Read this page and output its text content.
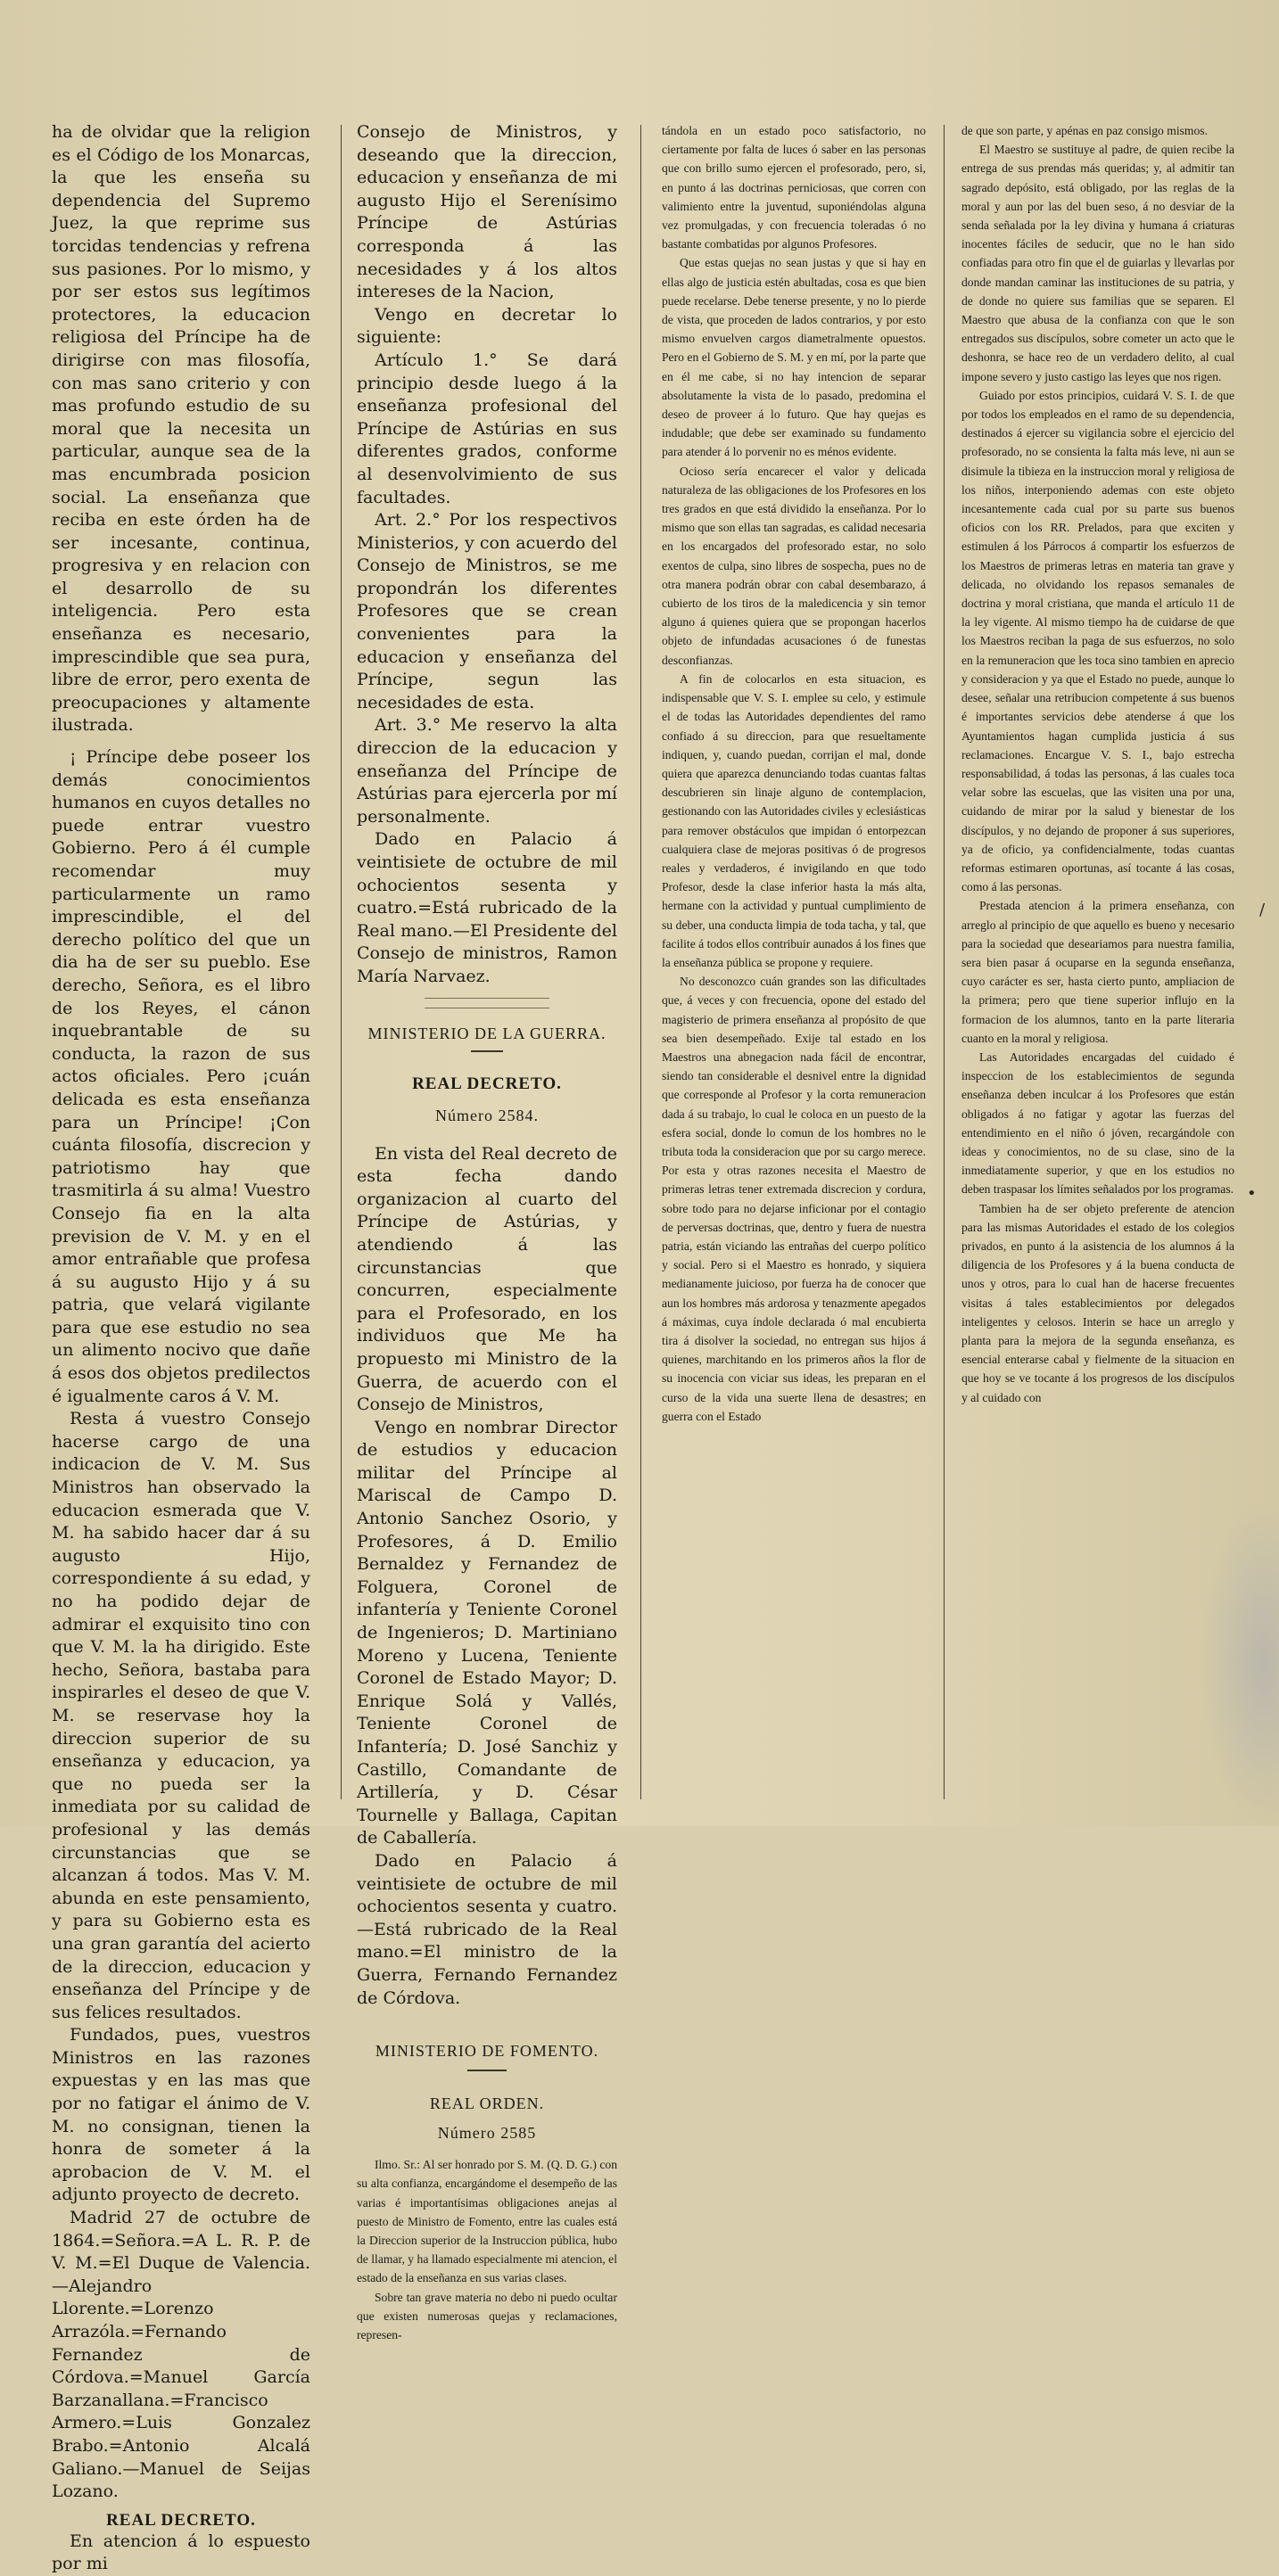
ha de olvidar que la religion es el Código de los Monarcas, la que les enseña su dependencia del Supremo Juez, la que reprime sus torcidas tendencias y refrena sus pasiones. Por lo mismo, y por ser estos sus legítimos protectores, la educacion religiosa del Príncipe ha de dirigirse con mas filosofía, con mas sano criterio y con mas profundo estudio de su moral que la necesita un particular, aunque sea de la mas encumbrada posicion social. La enseñanza que reciba en este órden ha de ser incesante, continua, progresiva y en relacion con el desarrollo de su inteligencia. Pero esta enseñanza es necesario, imprescindible que sea pura, libre de error, pero exenta de preocupaciones y altamente ilustrada.

¡ Príncipe debe poseer los demás conocimientos humanos en cuyos detalles no puede entrar vuestro Gobierno. Pero á él cumple recomendar muy particularmente un ramo imprescindible, el del derecho político del que un dia ha de ser su pueblo. Ese derecho, Señora, es el libro de los Reyes, el cánon inquebrantable de su conducta, la razon de sus actos oficiales. Pero ¡cuán delicada es esta enseñanza para un Príncipe! ¡Con cuánta filosofía, discrecion y patriotismo hay que trasmitirla á su alma! Vuestro Consejo fia en la alta prevision de V. M. y en el amor entrañable que profesa á su augusto Hijo y á su patria, que velará vigilante para que ese estudio no sea un alimento nocivo que dañe á esos dos objetos predilectos é igualmente caros á V. M.

Resta á vuestro Consejo hacerse cargo de una indicacion de V. M. Sus Ministros han observado la educacion esmerada que V. M. ha sabido hacer dar á su augusto Hijo, correspondiente á su edad, y no ha podido dejar de admirar el exquisito tino con que V. M. la ha dirigido. Este hecho, Señora, bastaba para inspirarles el deseo de que V. M. se reservase hoy la direccion superior de su enseñanza y educacion, ya que no pueda ser la inmediata por su calidad de profesional y las demás circunstancias que se alcanzan á todos. Mas V. M. abunda en este pensamiento, y para su Gobierno esta es una gran garantía del acierto de la direccion, educacion y enseñanza del Príncipe y de sus felices resultados.

Fundados, pues, vuestros Ministros en las razones expuestas y en las mas que por no fatigar el ánimo de V. M. no consignan, tienen la honra de someter á la aprobacion de V. M. el adjunto proyecto de decreto.

Madrid 27 de octubre de 1864.=Señora.=A L. R. P. de V. M.=El Duque de Valencia.—Alejandro Llorente.=Lorenzo Arrazóla.=Fernando Fernandez de Córdova.=Manuel García Barzanallana.=Francisco Armero.=Luis Gonzalez Brabo.=Antonio Alcalá Galiano.—Manuel de Seijas Lozano.

REAL DECRETO.

En atencion á lo espuesto por mi

Consejo de Ministros, y deseando que la direccion, educacion y enseñanza de mi augusto Hijo el Serenísimo Príncipe de Astúrias corresponda á las necesidades y á los altos intereses de la Nacion,

Vengo en decretar lo siguiente:

Artículo 1.° Se dará principio desde luego á la enseñanza profesional del Príncipe de Astúrias en sus diferentes grados, conforme al desenvolvimiento de sus facultades.

Art. 2.° Por los respectivos Ministerios, y con acuerdo del Consejo de Ministros, se me propondrán los diferentes Profesores que se crean convenientes para la educacion y enseñanza del Príncipe, segun las necesidades de esta.

Art. 3.° Me reservo la alta direccion de la educacion y enseñanza del Príncipe de Astúrias para ejercerla por mí personalmente.

Dado en Palacio á veintisiete de octubre de mil ochocientos sesenta y cuatro.=Está rubricado de la Real mano.—El Presidente del Consejo de ministros, Ramon María Narvaez.

MINISTERIO DE LA GUERRA.

REAL DECRETO.

Número 2584.

En vista del Real decreto de esta fecha dando organizacion al cuarto del Príncipe de Astúrias, y atendiendo á las circunstancias que concurren, especialmente para el Profesorado, en los individuos que Me ha propuesto mi Ministro de la Guerra, de acuerdo con el Consejo de Ministros,

Vengo en nombrar Director de estudios y educacion militar del Príncipe al Mariscal de Campo D. Antonio Sanchez Osorio, y Profesores, á D. Emilio Bernaldez y Fernandez de Folguera, Coronel de infantería y Teniente Coronel de Ingenieros; D. Martiniano Moreno y Lucena, Teniente Coronel de Estado Mayor; D. Enrique Solá y Vallés, Teniente Coronel de Infantería; D. José Sanchiz y Castillo, Comandante de Artillería, y D. César Tournelle y Ballaga, Capitan de Caballería.

Dado en Palacio á veintisiete de octubre de mil ochocientos sesenta y cuatro.—Está rubricado de la Real mano.=El ministro de la Guerra, Fernando Fernandez de Córdova.

MINISTERIO DE FOMENTO.

REAL ORDEN.

Número 2585

Ilmo. Sr.: Al ser honrado por S. M. (Q. D. G.) con su alta confianza, encargándome el desempeño de las varias é importantísimas obligaciones anejas al puesto de Ministro de Fomento, entre las cuales está la Direccion superior de la Instruccion pública, hubo de llamar, y ha llamado especialmente mi atencion, el estado de la enseñanza en sus varias clases.

Sobre tan grave materia no debo ni puedo ocultar que existen numerosas quejas y reclamaciones, represen-

tándola en un estado poco satisfactorio, no ciertamente por falta de luces ó saber en las personas que con brillo sumo ejercen el profesorado, pero, si, en punto á las doctrinas perniciosas, que corren con valimiento entre la juventud, suponiéndolas alguna vez promulgadas, y con frecuencia toleradas ó no bastante combatidas por algunos Profesores.

Que estas quejas no sean justas y que si hay en ellas algo de justicia estén abultadas, cosa es que bien puede recelarse. Debe tenerse presente, y no lo pierde de vista, que proceden de lados contrarios, y por esto mismo envuelven cargos diametralmente opuestos. Pero en el Gobierno de S. M. y en mí, por la parte que en él me cabe, si no hay intencion de separar absolutamente la vista de lo pasado, predomina el deseo de proveer á lo futuro. Que hay quejas es indudable; que debe ser examinado su fundamento para atender á lo porvenir no es ménos evidente.

Ocioso sería encarecer el valor y delicada naturaleza de las obligaciones de los Profesores en los tres grados en que está dividido la enseñanza. Por lo mismo que son ellas tan sagradas, es calidad necesaria en los encargados del profesorado estar, no solo exentos de culpa, sino libres de sospecha, pues no de otra manera podrán obrar con cabal desembarazo, á cubierto de los tiros de la maledicencia y sin temor alguno á quienes quiera que se propongan hacerlos objeto de infundadas acusaciones ó de funestas desconfianzas.

A fin de colocarlos en esta situacion, es indispensable que V. S. I. emplee su celo, y estimule el de todas las Autoridades dependientes del ramo confiado á su direccion, para que resueltamente indiquen, y, cuando puedan, corrijan el mal, donde quiera que aparezca denunciando todas cuantas faltas descubrieren sin linaje alguno de contemplacion, gestionando con las Autoridades civiles y eclesiásticas para remover obstáculos que impidan ó entorpezcan cualquiera clase de mejoras positivas ó de progresos reales y verdaderos, é invigilando en que todo Profesor, desde la clase inferior hasta la más alta, hermane con la actividad y puntual cumplimiento de su deber, una conducta limpia de toda tacha, y tal, que facilite á todos ellos contribuir aunados á los fines que la enseñanza pública se propone y requiere.

No desconozco cuán grandes son las dificultades que, á veces y con frecuencia, opone del estado del magisterio de primera enseñanza al propósito de que sea bien desempeñado. Exije tal estado en los Maestros una abnegacion nada fácil de encontrar, siendo tan considerable el desnivel entre la dignidad que corresponde al Profesor y la corta remuneracion dada á su trabajo, lo cual le coloca en un puesto de la esfera social, donde lo comun de los hombres no le tributa toda la consideracion que por su cargo merece. Por esta y otras razones necesita el Maestro de primeras letras tener extremada discrecion y cordura, sobre todo para no dejarse inficionar por el contagio de perversas doctrinas, que, dentro y fuera de nuestra patria, están viciando las entrañas del cuerpo político y social. Pero si el Maestro es honrado, y siquiera medianamente juicioso, por fuerza ha de conocer que aun los hombres más ardorosa y tenazmente apegados á máximas, cuya índole declarada ó mal encubierta tira á disolver la sociedad, no entregan sus hijos á quienes, marchitando en los primeros años la flor de su inocencia con viciar sus ideas, les preparan en el curso de la vida una suerte llena de desastres; en guerra con el Estado

de que son parte, y apénas en paz consigo mismos.

El Maestro se sustituye al padre, de quien recibe la entrega de sus prendas más queridas; y, al admitir tan sagrado depósito, está obligado, por las reglas de la moral y aun por las del buen seso, á no desviar de la senda señalada por la ley divina y humana á criaturas inocentes fáciles de seducir, que no le han sido confiadas para otro fin que el de guiarlas y llevarlas por donde mandan caminar las instituciones de su patria, y de donde no quiere sus familias que se separen. El Maestro que abusa de la confianza con que le son entregados sus discípulos, sobre cometer un acto que le deshonra, se hace reo de un verdadero delito, al cual impone severo y justo castigo las leyes que nos rigen.

Guiado por estos principios, cuidará V. S. I. de que por todos los empleados en el ramo de su dependencia, destinados á ejercer su vigilancia sobre el ejercicio del profesorado, no se consienta la falta más leve, ni aun se disimule la tibieza en la instruccion moral y religiosa de los niños, interponiendo ademas con este objeto incesantemente cada cual por su parte sus buenos oficios con los RR. Prelados, para que exciten y estimulen á los Párrocos á compartir los esfuerzos de los Maestros de primeras letras en materia tan grave y delicada, no olvidando los repasos semanales de doctrina y moral cristiana, que manda el artículo 11 de la ley vigente. Al mismo tiempo ha de cuidarse de que los Maestros reciban la paga de sus esfuerzos, no solo en la remuneracion que les toca sino tambien en aprecio y consideracion y ya que el Estado no puede, aunque lo desee, señalar una retribucion competente á sus buenos é importantes servicios debe atenderse á que los Ayuntamientos hagan cumplida justicia á sus reclamaciones. Encargue V. S. I., bajo estrecha responsabilidad, á todas las personas, á las cuales toca velar sobre las escuelas, que las visiten una por una, cuidando de mirar por la salud y bienestar de los discípulos, y no dejando de proponer á sus superiores, ya de oficio, ya confidencialmente, todas cuantas reformas estimaren oportunas, así tocante á las cosas, como á las personas.

Prestada atencion á la primera enseñanza, con arreglo al principio de que aquello es bueno y necesario para la sociedad que deseariamos para nuestra familia, sera bien pasar á ocuparse en la segunda enseñanza, cuyo carácter es ser, hasta cierto punto, ampliacion de la primera; pero que tiene superior influjo en la formacion de los alumnos, tanto en la parte literaria cuanto en la moral y religiosa.

Las Autoridades encargadas del cuidado é inspeccion de los establecimientos de segunda enseñanza deben inculcar á los Profesores que están obligados á no fatigar y agotar las fuerzas del entendimiento en el niño ó jóven, recargándole con ideas y conocimientos, no de su clase, sino de la inmediatamente superior, y que en los estudios no deben traspasar los límites señalados por los programas.

Tambien ha de ser objeto preferente de atencion para las mismas Autoridades el estado de los colegios privados, en punto á la asistencia de los alumnos á la diligencia de los Profesores y á la buena conducta de unos y otros, para lo cual han de hacerse frecuentes visitas á tales establecimientos por delegados inteligentes y celosos. Interin se hace un arreglo y planta para la mejora de la segunda enseñanza, es esencial enterarse cabal y fielmente de la situacion en que hoy se ve tocante á los progresos de los discípulos y al cuidado con

•
/
